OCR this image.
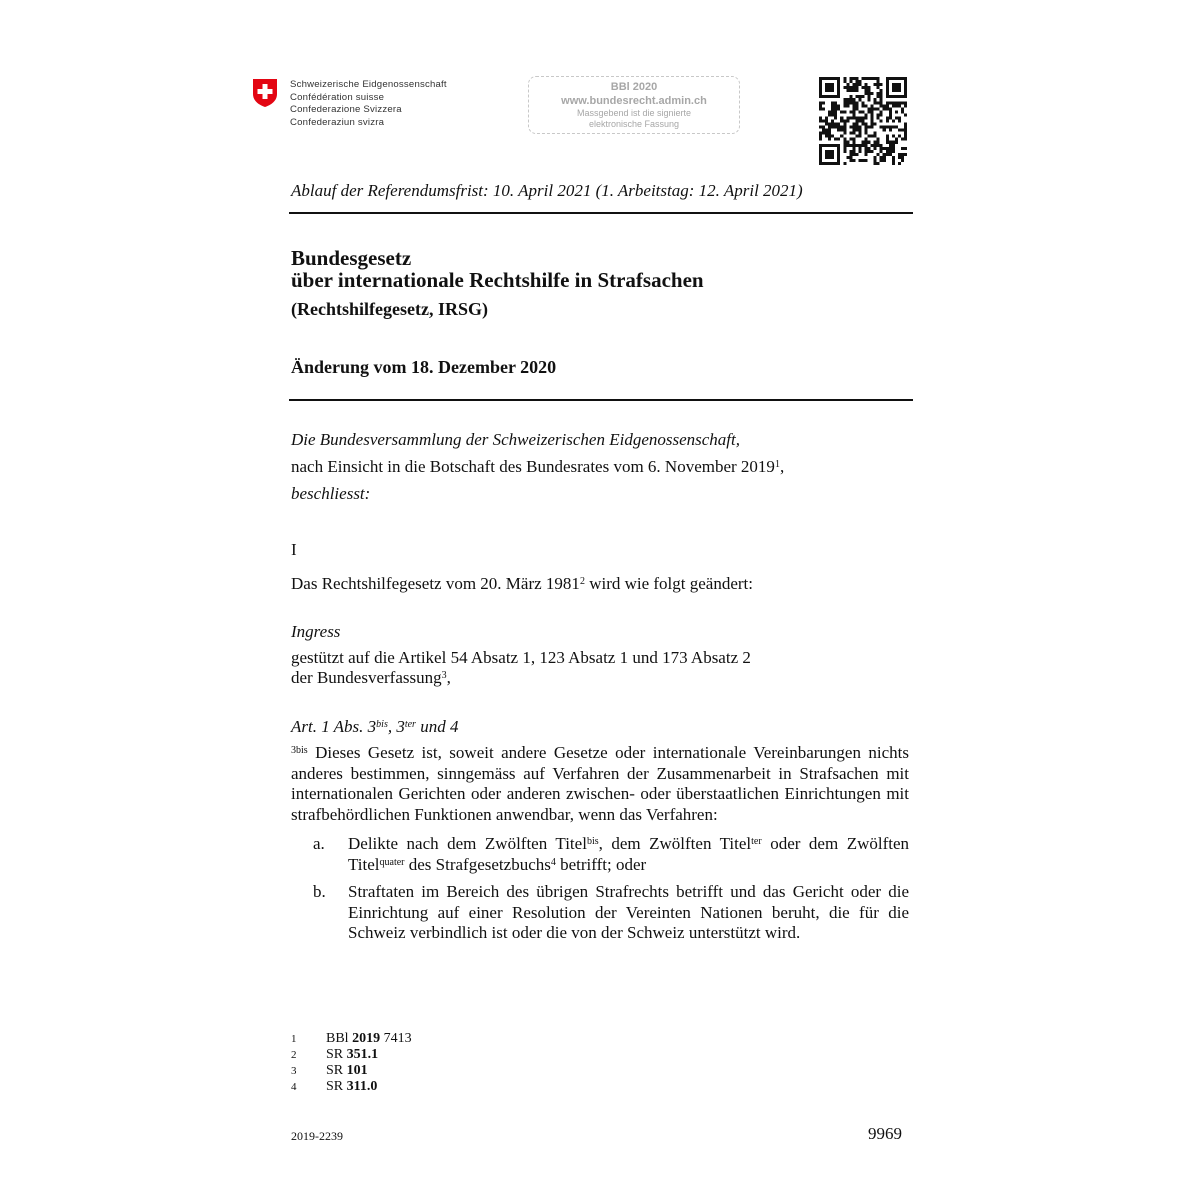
Schweizerische Eidgenossenschaft
Confédération suisse
Confederazione Svizzera
Confederaziun svizra
BBl 2020
www.bundesrecht.admin.ch
Massgebend ist die signierte
elektronische Fassung
Ablauf der Referendumsfrist: 10. April 2021 (1. Arbeitstag: 12. April 2021)
Bundesgesetz
über internationale Rechtshilfe in Strafsachen
(Rechtshilfegesetz, IRSG)
Änderung vom 18. Dezember 2020
Die Bundesversammlung der Schweizerischen Eidgenossenschaft,
nach Einsicht in die Botschaft des Bundesrates vom 6. November 2019$^1$,
beschliesst:
I
Das Rechtshilfegesetz vom 20. März 1981$^2$ wird wie folgt geändert:
Ingress
gestützt auf die Artikel 54 Absatz 1, 123 Absatz 1 und 173 Absatz 2
der Bundesverfassung$^3$,
Art. 1 Abs. $3^{bis}$, $3^{ter}$ und 4
$^{3bis}$ Dieses Gesetz ist, soweit andere Gesetze oder internationale Vereinbarungen nichts anderes bestimmen, sinngemäss auf Verfahren der Zusammenarbeit in Strafsachen mit internationalen Gerichten oder anderen zwischen- oder überstaatlichen Einrichtungen mit strafbehördlichen Funktionen anwendbar, wenn das Verfahren:
a. Delikte nach dem Zwölften Titel$^{bis}$, dem Zwölften Titel$^{ter}$ oder dem Zwölften Titel$^{quater}$ des Strafgesetzbuchs$^4$ betrifft; oder
b. Straftaten im Bereich des übrigen Strafrechts betrifft und das Gericht oder die Einrichtung auf einer Resolution der Vereinten Nationen beruht, die für die Schweiz verbindlich ist oder die von der Schweiz unterstützt wird.
1 BBl 2019 7413
2 SR 351.1
3 SR 101
4 SR 311.0
2019-2239	9969
